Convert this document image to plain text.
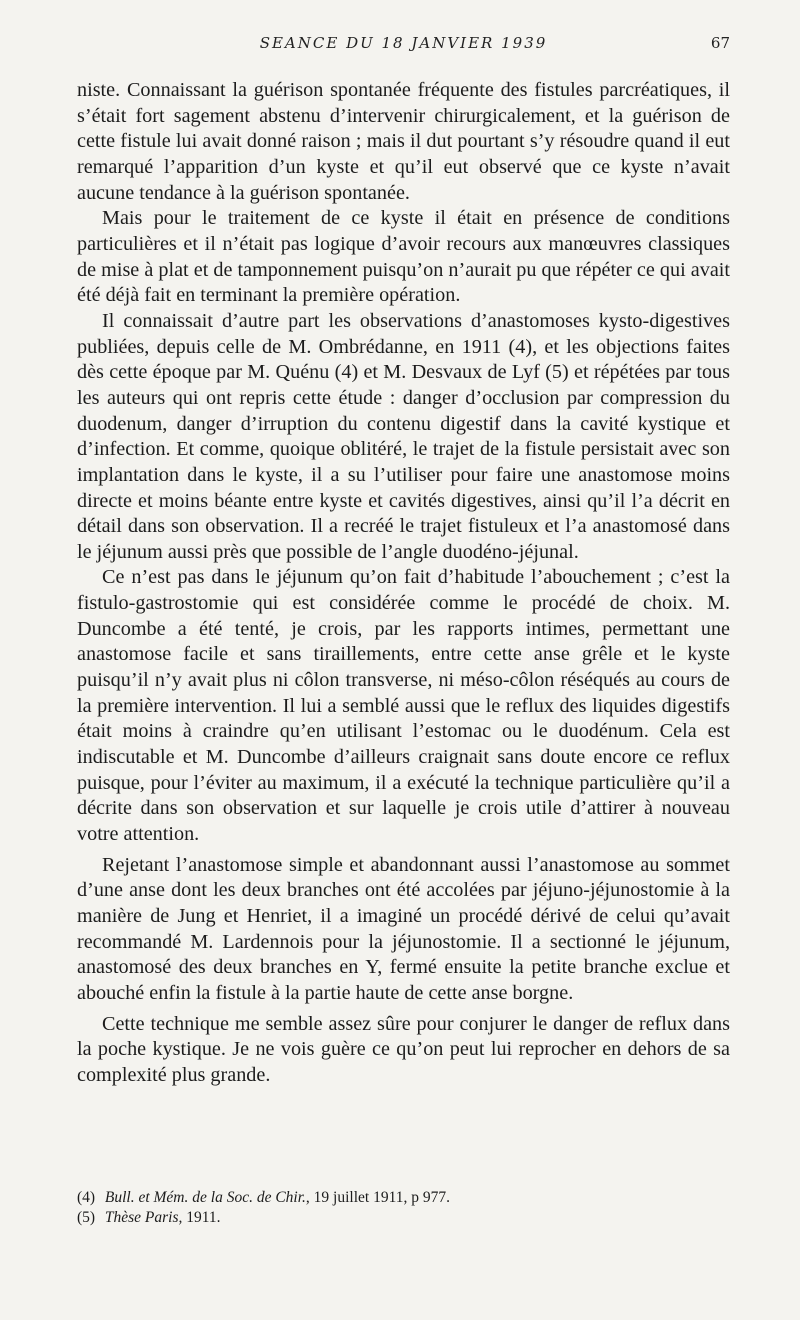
SEANCE DU 18 JANVIER 1939	67

niste. Connaissant la guérison spontanée fréquente des fistules parcréatiques, il s’était fort sagement abstenu d’intervenir chirurgicalement, et la guérison de cette fistule lui avait donné raison ; mais il dut pourtant s’y résoudre quand il eut remarqué l’apparition d’un kyste et qu’il eut observé que ce kyste n’avait aucune tendance à la guérison spontanée.

Mais pour le traitement de ce kyste il était en présence de conditions particulières et il n’était pas logique d’avoir recours aux manœuvres classiques de mise à plat et de tamponnement puisqu’on n’aurait pu que répéter ce qui avait été déjà fait en terminant la première opération.

Il connaissait d’autre part les observations d’anastomoses kysto-digestives publiées, depuis celle de M. Ombrédanne, en 1911 (4), et les objections faites dès cette époque par M. Quénu (4) et M. Desvaux de Lyf (5) et répétées par tous les auteurs qui ont repris cette étude : danger d’occlusion par compression du duodenum, danger d’irruption du contenu digestif dans la cavité kystique et d’infection. Et comme, quoique oblitéré, le trajet de la fistule persistait avec son implantation dans le kyste, il a su l’utiliser pour faire une anastomose moins directe et moins béante entre kyste et cavités digestives, ainsi qu’il l’a décrit en détail dans son observation. Il a recréé le trajet fistuleux et l’a anastomosé dans le jéjunum aussi près que possible de l’angle duodéno-jéjunal.

Ce n’est pas dans le jéjunum qu’on fait d’habitude l’abouchement ; c’est la fistulo-gastrostomie qui est considérée comme le procédé de choix. M. Duncombe a été tenté, je crois, par les rapports intimes, permettant une anastomose facile et sans tiraillements, entre cette anse grêle et le kyste puisqu’il n’y avait plus ni côlon transverse, ni méso-côlon réséqués au cours de la première intervention. Il lui a semblé aussi que le reflux des liquides digestifs était moins à craindre qu’en utilisant l’estomac ou le duodénum. Cela est indiscutable et M. Duncombe d’ailleurs craignait sans doute encore ce reflux puisque, pour l’éviter au maximum, il a exécuté la technique particulière qu’il a décrite dans son observation et sur laquelle je crois utile d’attirer à nouveau votre attention.

Rejetant l’anastomose simple et abandonnant aussi l’anastomose au sommet d’une anse dont les deux branches ont été accolées par jéjuno-jéjunostomie à la manière de Jung et Henriet, il a imaginé un procédé dérivé de celui qu’avait recommandé M. Lardennois pour la jéjunostomie. Il a sectionné le jéjunum, anastomosé des deux branches en Y, fermé ensuite la petite branche exclue et abouché enfin la fistule à la partie haute de cette anse borgne.

Cette technique me semble assez sûre pour conjurer le danger de reflux dans la poche kystique. Je ne vois guère ce qu’on peut lui reprocher en dehors de sa complexité plus grande.

(4) Bull. et Mém. de la Soc. de Chir., 19 juillet 1911, p 977.

(5) Thèse Paris, 1911.
